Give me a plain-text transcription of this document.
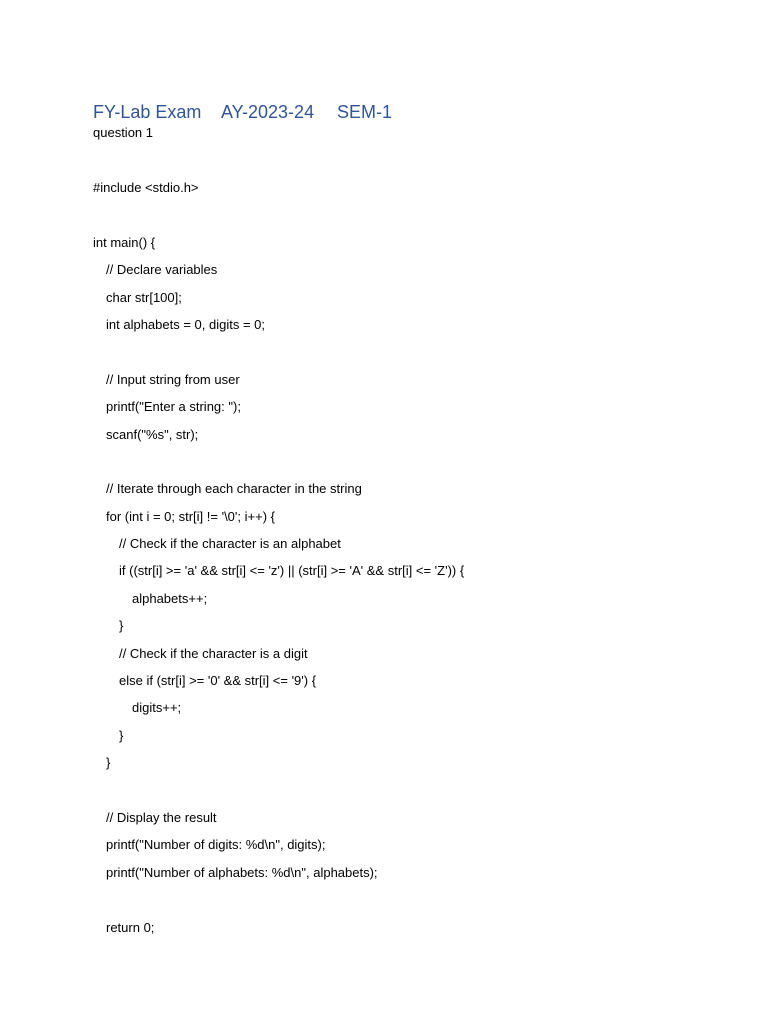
FY-Lab Exam AY-2023-24 SEM-1
question 1
#include <stdio.h>
int main() {
// Declare variables
char str[100];
int alphabets = 0, digits = 0;
// Input string from user
printf("Enter a string: ");
scanf("%s", str);
// Iterate through each character in the string
for (int i = 0; str[i] != '\0'; i++) {
// Check if the character is an alphabet
if ((str[i] >= 'a' && str[i] <= 'z') || (str[i] >= 'A' && str[i] <= 'Z')) {
alphabets++;
}
// Check if the character is a digit
else if (str[i] >= '0' && str[i] <= '9') {
digits++;
}
}
// Display the result
printf("Number of digits: %d\n", digits);
printf("Number of alphabets: %d\n", alphabets);
return 0;
